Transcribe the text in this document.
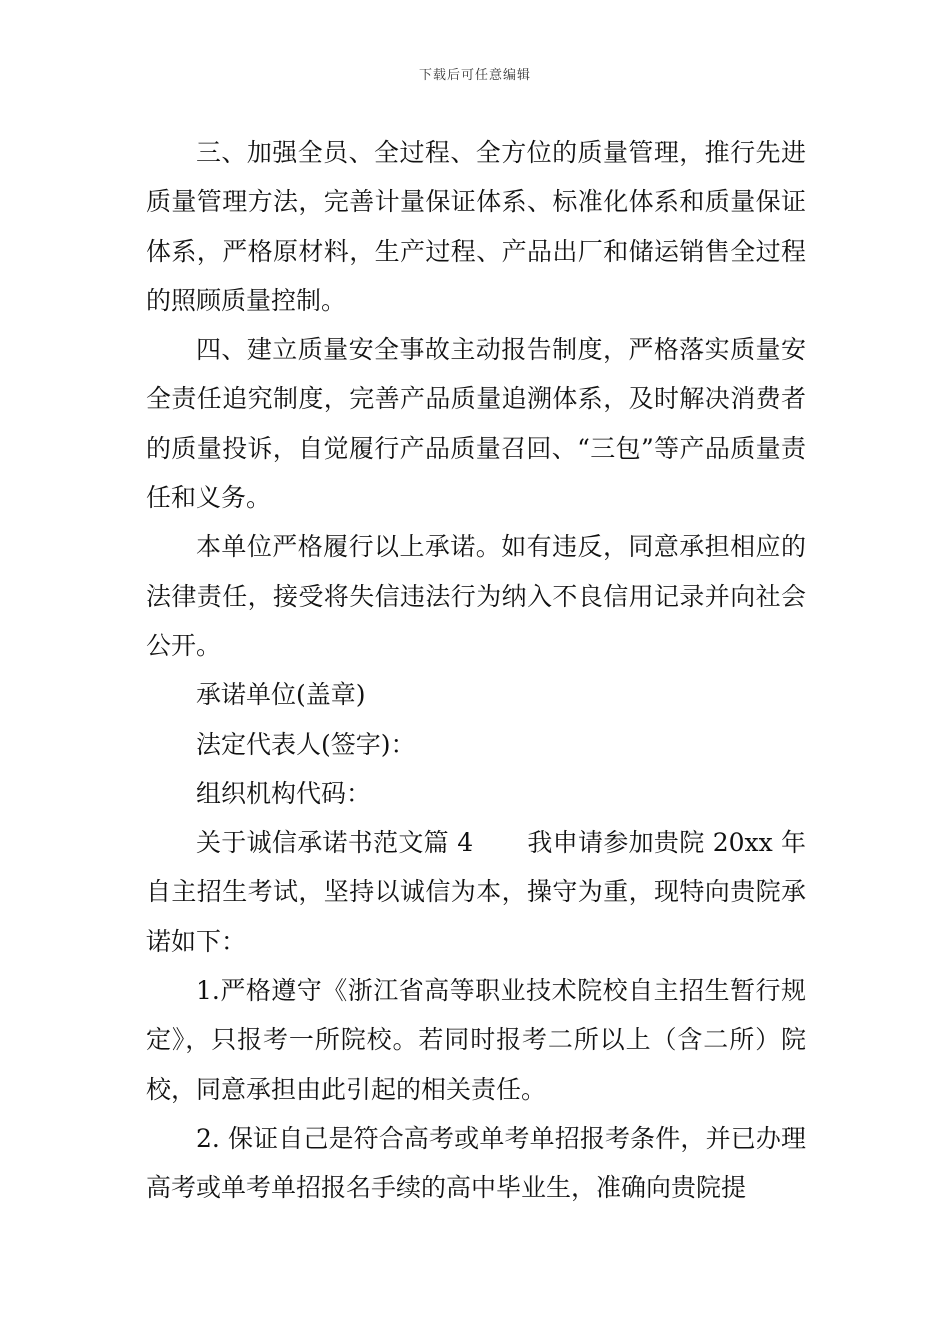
下载后可任意编辑

三、加强全员、全过程、全方位的质量管理，推行先进质量管理方法，完善计量保证体系、标准化体系和质量保证体系，严格原材料，生产过程、产品出厂和储运销售全过程的照顾质量控制。

四、建立质量安全事故主动报告制度，严格落实质量安全责任追究制度，完善产品质量追溯体系，及时解决消费者的质量投诉，自觉履行产品质量召回、“三包”等产品质量责任和义务。

本单位严格履行以上承诺。如有违反，同意承担相应的法律责任，接受将失信违法行为纳入不良信用记录并向社会公开。

承诺单位(盖章)

法定代表人(签字)：

组织机构代码：

关于诚信承诺书范文篇 4 我申请参加贵院 20xx 年自主招生考试，坚持以诚信为本，操守为重，现特向贵院承诺如下：

1.严格遵守《浙江省高等职业技术院校自主招生暂行规定》，只报考一所院校。若同时报考二所以上（含二所）院校，同意承担由此引起的相关责任。

2. 保证自己是符合高考或单考单招报考条件，并已办理高考或单考单招报名手续的高中毕业生，准确向贵院提
